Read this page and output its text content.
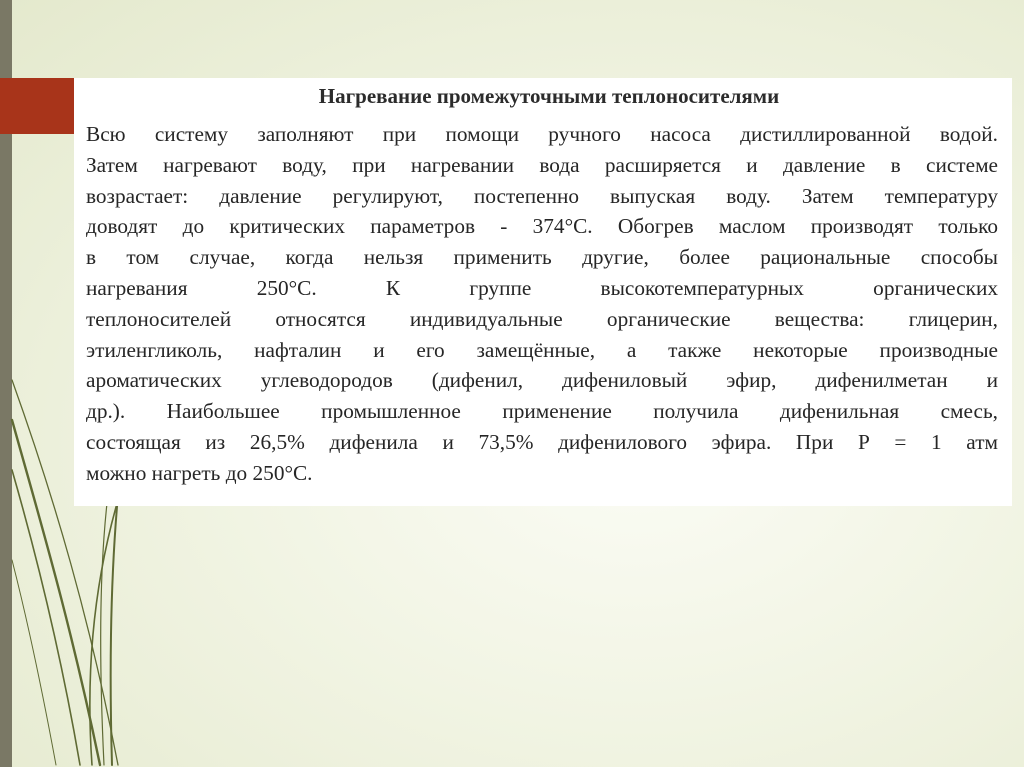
Нагревание промежуточными теплоносителями
Всю систему заполняют при помощи ручного насоса дистиллированной водой.
Затем нагревают воду, при нагревании вода расширяется и давление в системе
возрастает: давление регулируют, постепенно выпуская воду. Затем температуру
доводят до критических параметров - 374°С. Обогрев маслом производят только
в том случае, когда нельзя применить другие, более рациональные способы
нагревания 250°С. К группе высокотемпературных органических
теплоносителей относятся индивидуальные органические вещества: глицерин,
этиленгликоль, нафталин и его замещённые, а также некоторые производные
ароматических углеводородов (дифенил, дифениловый эфир, дифенилметан и
др.). Наибольшее промышленное применение получила дифенильная смесь,
состоящая из 26,5% дифенила и 73,5% дифенилового эфира. При Р = 1 атм
можно нагреть до 250°С.
